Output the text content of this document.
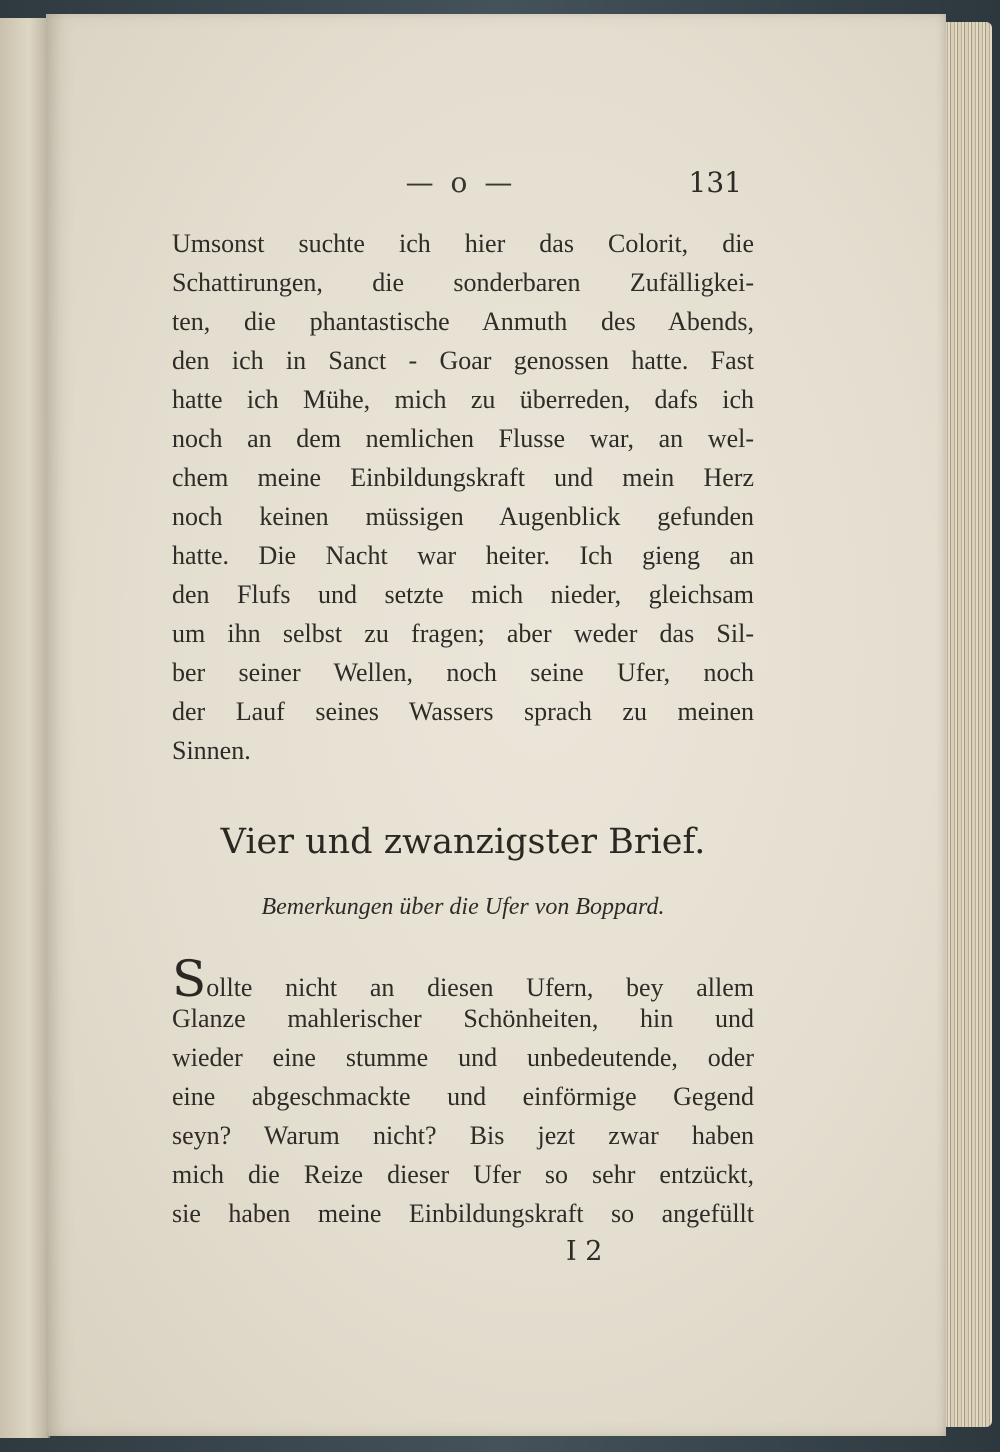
— o —	131
Umsonst suchte ich hier das Colorit, die
Schattirungen, die sonderbaren Zufälligkei-
ten, die phantastische Anmuth des Abends,
den ich in Sanct - Goar genossen hatte. Fast
hatte ich Mühe, mich zu überreden, dafs ich
noch an dem nemlichen Flusse war, an wel-
chem meine Einbildungskraft und mein Herz
noch keinen müssigen Augenblick gefunden
hatte. Die Nacht war heiter. Ich gieng an
den Flufs und setzte mich nieder, gleichsam
um ihn selbst zu fragen; aber weder das Sil-
ber seiner Wellen, noch seine Ufer, noch
der Lauf seines Wassers sprach zu meinen
Sinnen.
Vier und zwanzigster Brief.
Bemerkungen über die Ufer von Boppard.
Sollte nicht an diesen Ufern, bey allem
Glanze mahlerischer Schönheiten, hin und
wieder eine stumme und unbedeutende, oder
eine abgeschmackte und einförmige Gegend
seyn? Warum nicht? Bis jezt zwar haben
mich die Reize dieser Ufer so sehr entzückt,
sie haben meine Einbildungskraft so angefüllt
I 2
